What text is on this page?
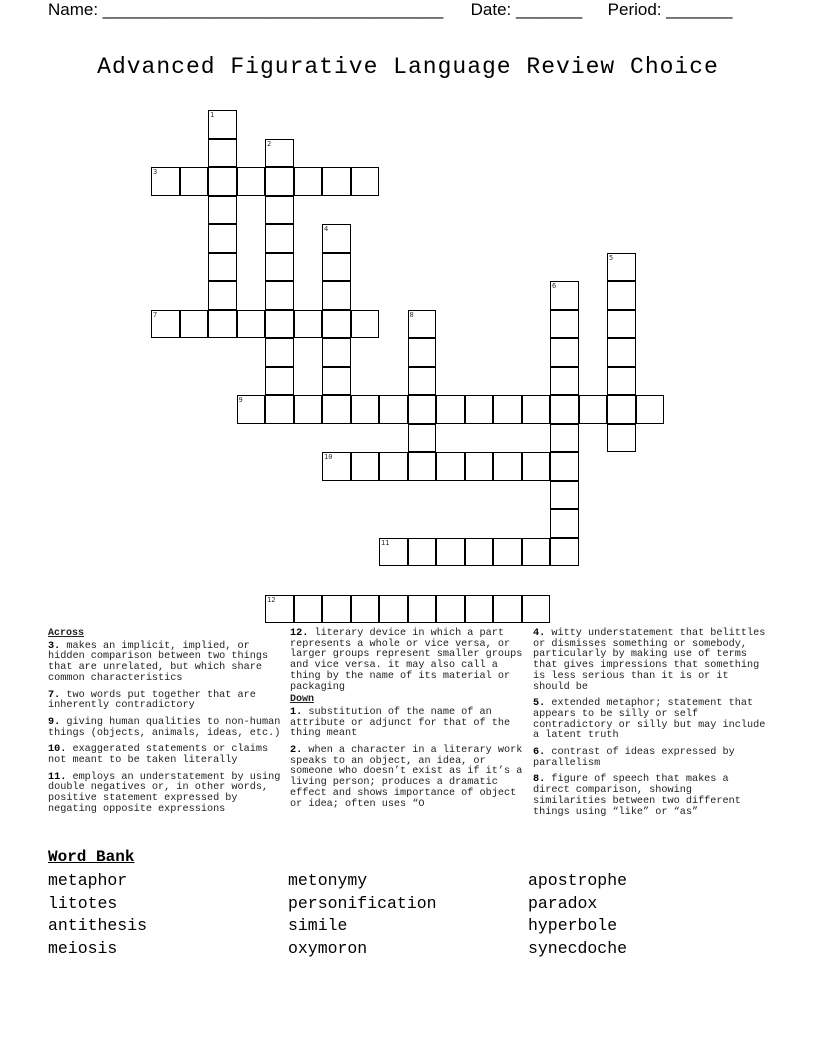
Name: ____________________________________ Date: _______ Period: _______
Advanced Figurative Language Review Choice
1
2
3
4
5
6
7	8
9
10
11
12
Across
3. makes an implicit, implied, or hidden comparison between two things that are unrelated, but which share common characteristics
7. two words put together that are inherently contradictory
9. giving human qualities to non-human things (objects, animals, ideas, etc.)
10. exaggerated statements or claims not meant to be taken literally
11. employs an understatement by using double negatives or, in other words, positive statement expressed by negating opposite expressions
12. literary device in which a part represents a whole or vice versa, or larger groups represent smaller groups and vice versa. it may also call a thing by the name of its material or packaging
Down
1. substitution of the name of an attribute or adjunct for that of the thing meant
2. when a character in a literary work speaks to an object, an idea, or someone who doesn’t exist as if it’s a living person; produces a dramatic effect and shows importance of object or idea; often uses “O
4. witty understatement that belittles or dismisses something or somebody, particularly by making use of terms that gives impressions that something is less serious than it is or it should be
5. extended metaphor; statement that appears to be silly or self contradictory or silly but may include a latent truth
6. contrast of ideas expressed by parallelism
8. figure of speech that makes a direct comparison, showing similarities between two different things using “like” or “as”
Word Bank
metaphor
litotes
antithesis
meiosis
metonymy
personification
simile
oxymoron
apostrophe
paradox
hyperbole
synecdoche
